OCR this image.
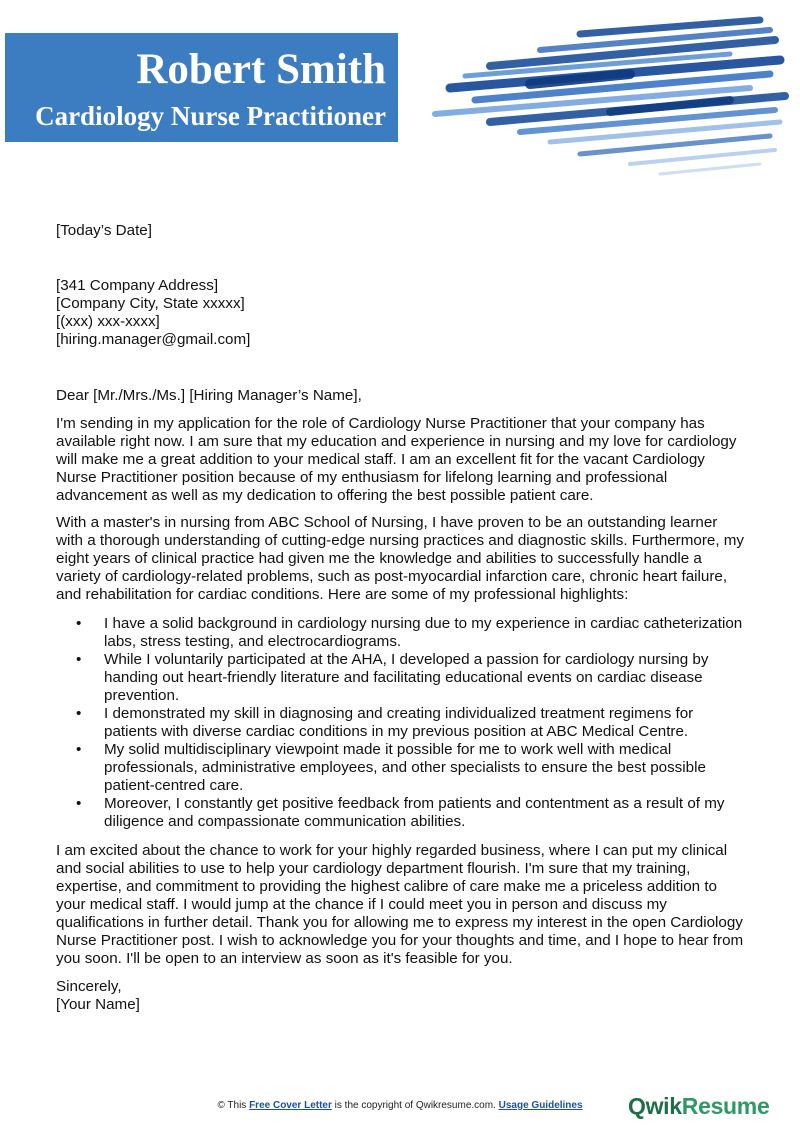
Robert Smith
Cardiology Nurse Practitioner
[Today’s Date]
[341 Company Address]
[Company City, State xxxxx]
[(xxx) xxx-xxxx]
[hiring.manager@gmail.com]
Dear [Mr./Mrs./Ms.] [Hiring Manager’s Name],
I'm sending in my application for the role of Cardiology Nurse Practitioner that your company has available right now. I am sure that my education and experience in nursing and my love for cardiology will make me a great addition to your medical staff. I am an excellent fit for the vacant Cardiology Nurse Practitioner position because of my enthusiasm for lifelong learning and professional advancement as well as my dedication to offering the best possible patient care.
With a master's in nursing from ABC School of Nursing, I have proven to be an outstanding learner with a thorough understanding of cutting-edge nursing practices and diagnostic skills. Furthermore, my eight years of clinical practice had given me the knowledge and abilities to successfully handle a variety of cardiology-related problems, such as post-myocardial infarction care, chronic heart failure, and rehabilitation for cardiac conditions. Here are some of my professional highlights:
• I have a solid background in cardiology nursing due to my experience in cardiac catheterization labs, stress testing, and electrocardiograms.
• While I voluntarily participated at the AHA, I developed a passion for cardiology nursing by handing out heart-friendly literature and facilitating educational events on cardiac disease prevention.
• I demonstrated my skill in diagnosing and creating individualized treatment regimens for patients with diverse cardiac conditions in my previous position at ABC Medical Centre.
• My solid multidisciplinary viewpoint made it possible for me to work well with medical professionals, administrative employees, and other specialists to ensure the best possible patient-centred care.
• Moreover, I constantly get positive feedback from patients and contentment as a result of my diligence and compassionate communication abilities.
I am excited about the chance to work for your highly regarded business, where I can put my clinical and social abilities to use to help your cardiology department flourish. I'm sure that my training, expertise, and commitment to providing the highest calibre of care make me a priceless addition to your medical staff. I would jump at the chance if I could meet you in person and discuss my qualifications in further detail. Thank you for allowing me to express my interest in the open Cardiology Nurse Practitioner post. I wish to acknowledge you for your thoughts and time, and I hope to hear from you soon. I'll be open to an interview as soon as it's feasible for you.
Sincerely,
[Your Name]
© This Free Cover Letter is the copyright of Qwikresume.com. Usage Guidelines	QwikResume
